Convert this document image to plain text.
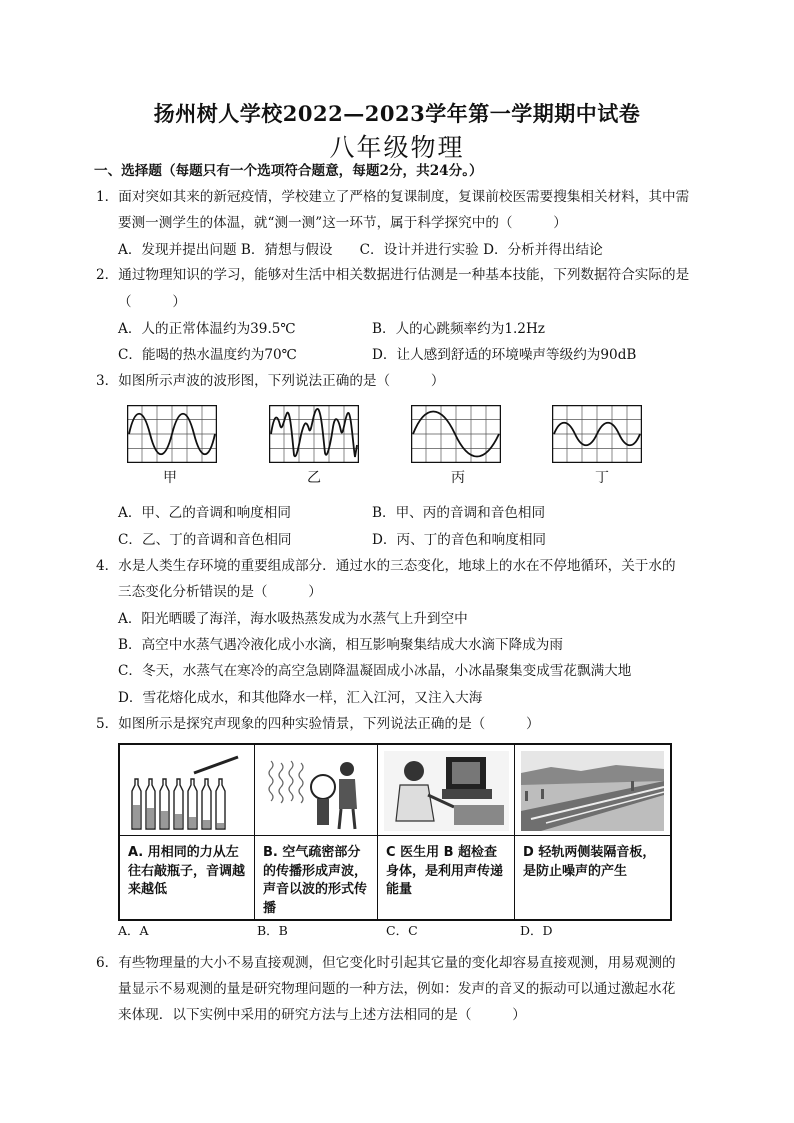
扬州树人学校2022—2023学年第一学期期中试卷
八年级物理
一、选择题（每题只有一个选项符合题意，每题2分，共24分。）
1．面对突如其来的新冠疫情，学校建立了严格的复课制度，复课前校医需要搜集相关材料，其中需
要测一测学生的体温，就“测一测”这一环节，属于科学探究中的（　　　）
A．发现并提出问题 B．猜想与假设　　C．设计并进行实验 D．分析并得出结论
2．通过物理知识的学习，能够对生活中相关数据进行估测是一种基本技能，下列数据符合实际的是
（　　　）
A．人的正常体温约为39.5℃	B．人的心跳频率约为1.2Hz
C．能喝的热水温度约为70℃	D．让人感到舒适的环境噪声等级约为90dB
3．如图所示声波的波形图，下列说法正确的是（　　　）
甲	乙	丙	丁
A．甲、乙的音调和响度相同	B．甲、丙的音调和音色相同
C．乙、丁的音调和音色相同	D．丙、丁的音色和响度相同
4．水是人类生存环境的重要组成部分．通过水的三态变化，地球上的水在不停地循环，关于水的
三态变化分析错误的是（　　　）
A．阳光晒暖了海洋，海水吸热蒸发成为水蒸气上升到空中
B．高空中水蒸气遇冷液化成小水滴，相互影响聚集结成大水滴下降成为雨
C．冬天，水蒸气在寒冷的高空急剧降温凝固成小冰晶，小冰晶聚集变成雪花飘满大地
D．雪花熔化成水，和其他降水一样，汇入江河，又注入大海
5．如图所示是探究声现象的四种实验情景，下列说法正确的是（　　　）
A. 用相同的力从左往右敲瓶子，音调越来越低
B. 空气疏密部分的传播形成声波，声音以波的形式传播
C 医生用 B 超检查身体，是利用声传递能量
D 轻轨两侧装隔音板，是防止噪声的产生
A．A	B．B	C．C	D．D
6．有些物理量的大小不易直接观测，但它变化时引起其它量的变化却容易直接观测，用易观测的
量显示不易观测的量是研究物理问题的一种方法，例如：发声的音叉的振动可以通过激起水花
来体现．以下实例中采用的研究方法与上述方法相同的是（　　　）
